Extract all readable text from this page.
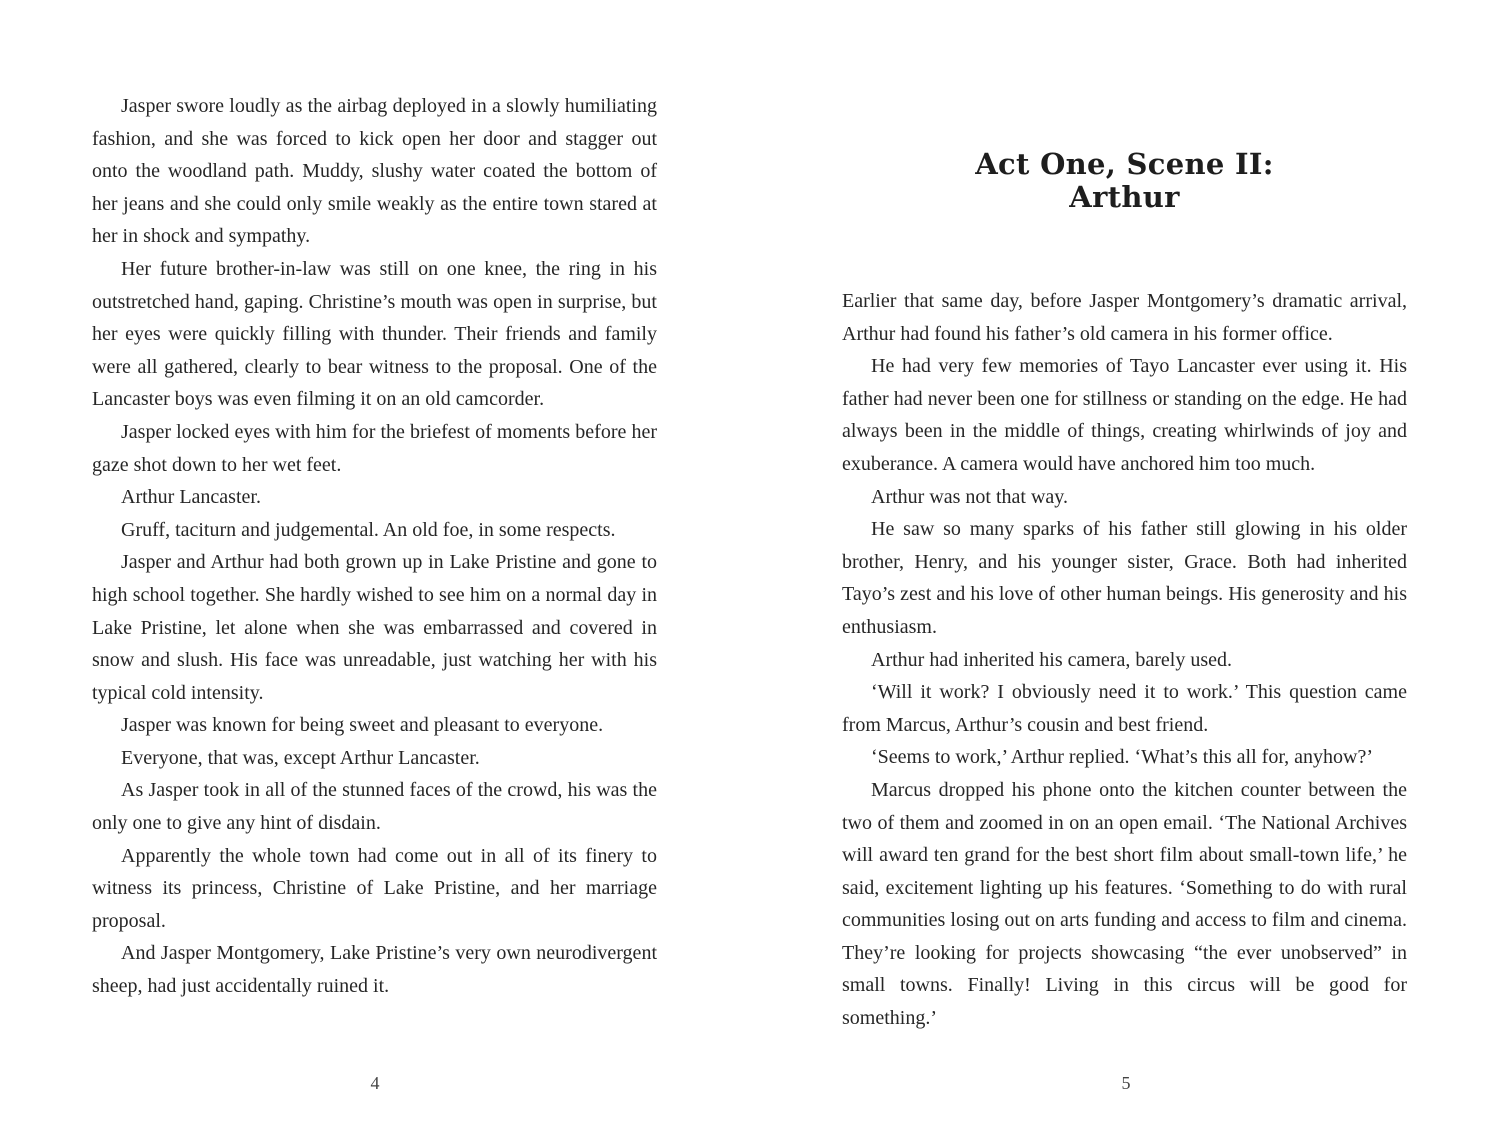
Jasper swore loudly as the airbag deployed in a slowly humiliating fashion, and she was forced to kick open her door and stagger out onto the woodland path. Muddy, slushy water coated the bottom of her jeans and she could only smile weakly as the entire town stared at her in shock and sympathy.

Her future brother-in-law was still on one knee, the ring in his outstretched hand, gaping. Christine’s mouth was open in surprise, but her eyes were quickly filling with thunder. Their friends and family were all gathered, clearly to bear witness to the proposal. One of the Lancaster boys was even filming it on an old camcorder.

Jasper locked eyes with him for the briefest of moments before her gaze shot down to her wet feet.

Arthur Lancaster.

Gruff, taciturn and judgemental. An old foe, in some respects.

Jasper and Arthur had both grown up in Lake Pristine and gone to high school together. She hardly wished to see him on a normal day in Lake Pristine, let alone when she was embarrassed and covered in snow and slush. His face was unreadable, just watching her with his typical cold intensity.

Jasper was known for being sweet and pleasant to everyone.

Everyone, that was, except Arthur Lancaster.

As Jasper took in all of the stunned faces of the crowd, his was the only one to give any hint of disdain.

Apparently the whole town had come out in all of its finery to witness its princess, Christine of Lake Pristine, and her marriage proposal.

And Jasper Montgomery, Lake Pristine’s very own neurodivergent sheep, had just accidentally ruined it.

4
Act One, Scene II:
Arthur

Earlier that same day, before Jasper Montgomery’s dramatic arrival, Arthur had found his father’s old camera in his former office.

He had very few memories of Tayo Lancaster ever using it. His father had never been one for stillness or standing on the edge. He had always been in the middle of things, creating whirlwinds of joy and exuberance. A camera would have anchored him too much.

Arthur was not that way.

He saw so many sparks of his father still glowing in his older brother, Henry, and his younger sister, Grace. Both had inherited Tayo’s zest and his love of other human beings. His generosity and his enthusiasm.

Arthur had inherited his camera, barely used.

‘Will it work? I obviously need it to work.’ This question came from Marcus, Arthur’s cousin and best friend.

‘Seems to work,’ Arthur replied. ‘What’s this all for, anyhow?’

Marcus dropped his phone onto the kitchen counter between the two of them and zoomed in on an open email. ‘The National Archives will award ten grand for the best short film about small-town life,’ he said, excitement lighting up his features. ‘Something to do with rural communities losing out on arts funding and access to film and cinema. They’re looking for projects showcasing “the ever unobserved” in small towns. Finally! Living in this circus will be good for something.’

5
